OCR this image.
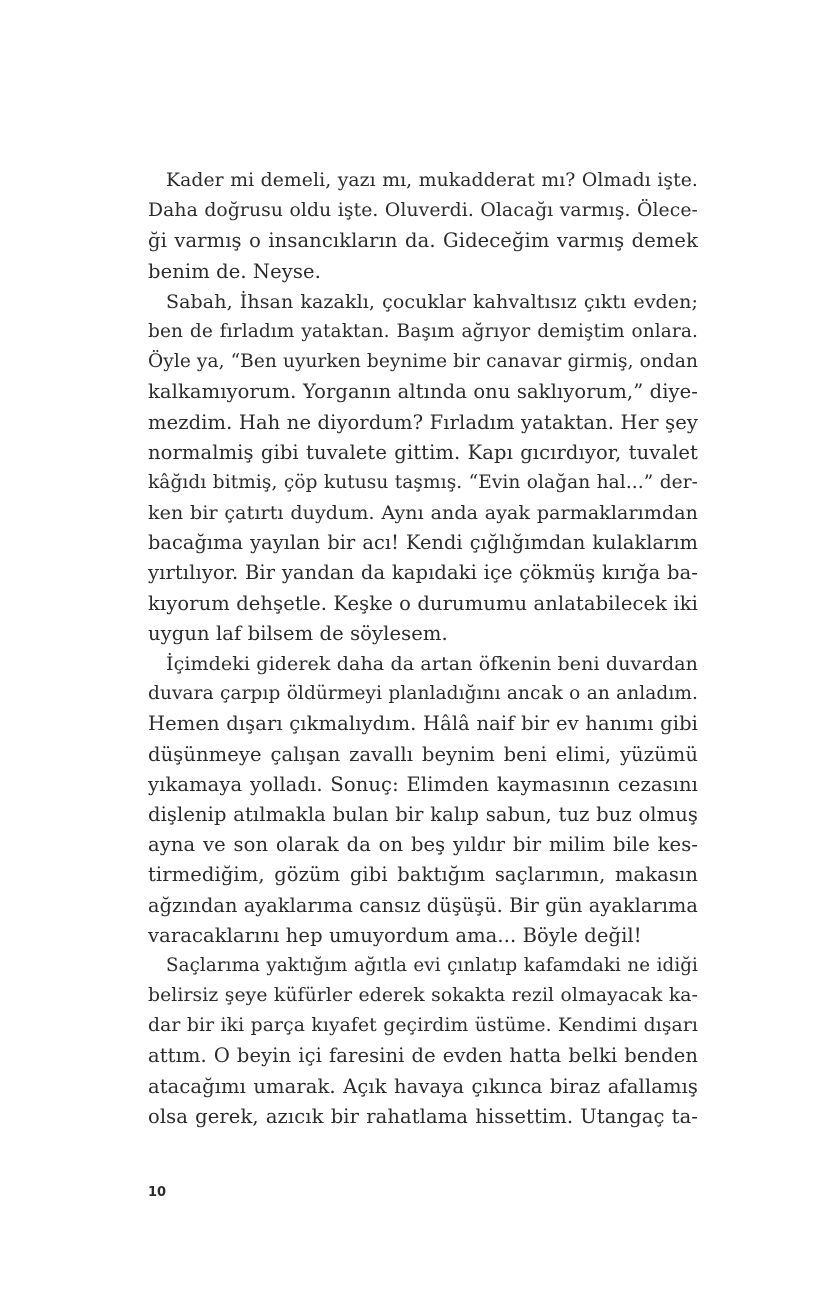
Kader mi demeli, yazı mı, mukadderat mı? Olmadı işte.
Daha doğrusu oldu işte. Oluverdi. Olacağı varmış. Ölece-
ği varmış o insancıkların da. Gideceğim varmış demek
benim de. Neyse.
Sabah, İhsan kazaklı, çocuklar kahvaltısız çıktı evden;
ben de fırladım yataktan. Başım ağrıyor demiştim onlara.
Öyle ya, “Ben uyurken beynime bir canavar girmiş, ondan
kalkamıyorum. Yorganın altında onu saklıyorum,” diye-
mezdim. Hah ne diyordum? Fırladım yataktan. Her şey
normalmiş gibi tuvalete gittim. Kapı gıcırdıyor, tuvalet
kâğıdı bitmiş, çöp kutusu taşmış. “Evin olağan hal...” der-
ken bir çatırtı duydum. Aynı anda ayak parmaklarımdan
bacağıma yayılan bir acı! Kendi çığlığımdan kulaklarım
yırtılıyor. Bir yandan da kapıdaki içe çökmüş kırığa ba-
kıyorum dehşetle. Keşke o durumumu anlatabilecek iki
uygun laf bilsem de söylesem.
İçimdeki giderek daha da artan öfkenin beni duvardan
duvara çarpıp öldürmeyi planladığını ancak o an anladım.
Hemen dışarı çıkmalıydım. Hâlâ naif bir ev hanımı gibi
düşünmeye çalışan zavallı beynim beni elimi, yüzümü
yıkamaya yolladı. Sonuç: Elimden kaymasının cezasını
dişlenip atılmakla bulan bir kalıp sabun, tuz buz olmuş
ayna ve son olarak da on beş yıldır bir milim bile kes-
tirmediğim, gözüm gibi baktığım saçlarımın, makasın
ağzından ayaklarıma cansız düşüşü. Bir gün ayaklarıma
varacaklarını hep umuyordum ama... Böyle değil!
Saçlarıma yaktığım ağıtla evi çınlatıp kafamdaki ne idiği
belirsiz şeye küfürler ederek sokakta rezil olmayacak ka-
dar bir iki parça kıyafet geçirdim üstüme. Kendimi dışarı
attım. O beyin içi faresini de evden hatta belki benden
atacağımı umarak. Açık havaya çıkınca biraz afallamış
olsa gerek, azıcık bir rahatlama hissettim. Utangaç ta-
10
